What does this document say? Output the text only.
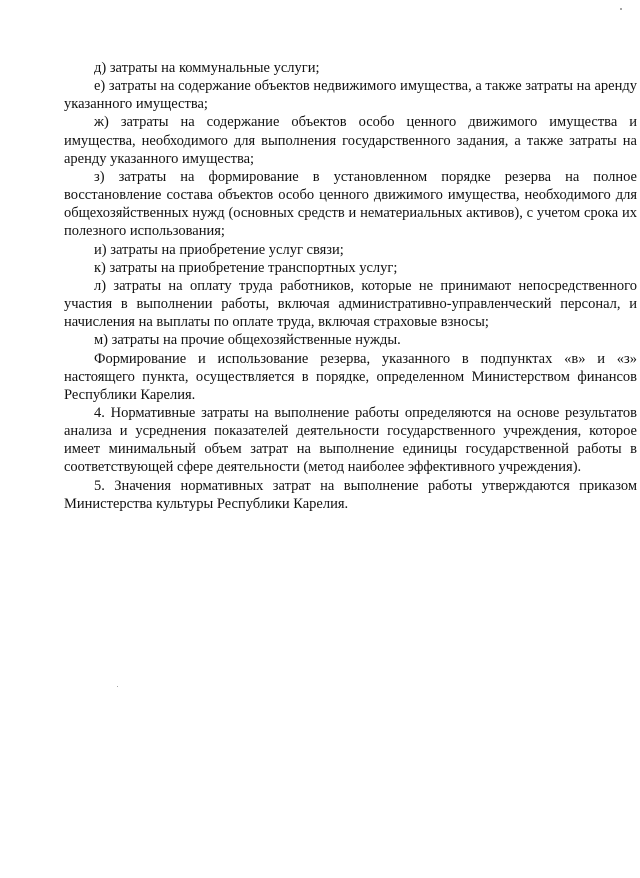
д) затраты на коммунальные услуги;

е) затраты на содержание объектов недвижимого имущества, а также затраты на аренду указанного имущества;

ж) затраты на содержание объектов особо ценного движимого имущества и имущества, необходимого для выполнения государственного задания, а также затраты на аренду указанного имущества;

з) затраты на формирование в установленном порядке резерва на полное восстановление состава объектов особо ценного движимого имущества, необходимого для общехозяйственных нужд (основных средств и нематериальных активов), с учетом срока их полезного использования;

и) затраты на приобретение услуг связи;

к) затраты на приобретение транспортных услуг;

л) затраты на оплату труда работников, которые не принимают непосредственного участия в выполнении работы, включая административно-управленческий персонал, и начисления на выплаты по оплате труда, включая страховые взносы;

м) затраты на прочие общехозяйственные нужды.

Формирование и использование резерва, указанного в подпунктах «в» и «з» настоящего пункта, осуществляется в порядке, определенном Министерством финансов Республики Карелия.

4. Нормативные затраты на выполнение работы определяются на основе результатов анализа и усреднения показателей деятельности государственного учреждения, которое имеет минимальный объем затрат на выполнение единицы государственной работы в соответствующей сфере деятельности (метод наиболее эффективного учреждения).

5. Значения нормативных затрат на выполнение работы утверждаются приказом Министерства культуры Республики Карелия.
